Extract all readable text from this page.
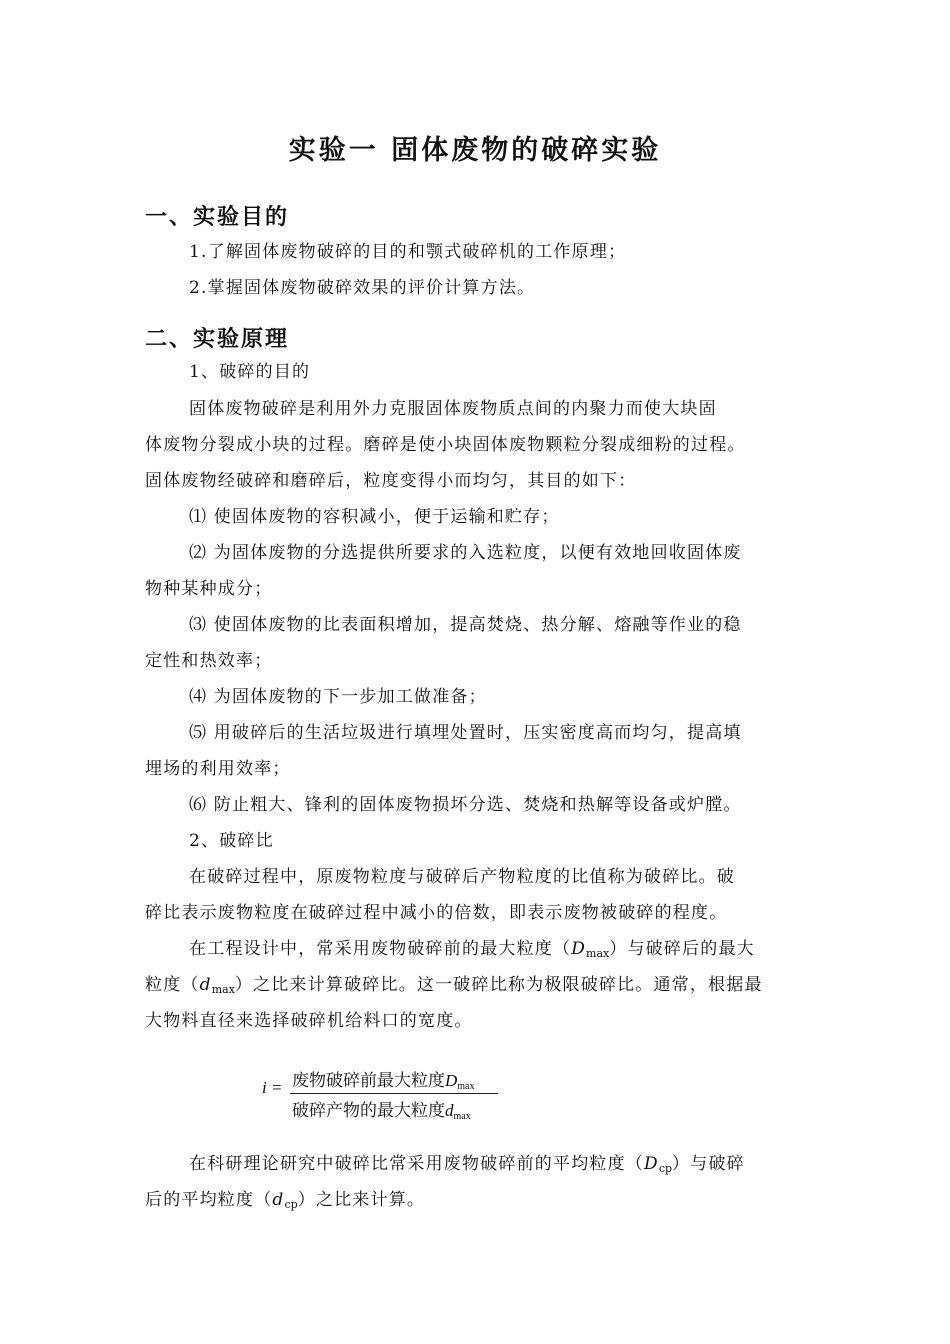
实验一 固体废物的破碎实验
一、实验目的
1.了解固体废物破碎的目的和颚式破碎机的工作原理；
2.掌握固体废物破碎效果的评价计算方法。
二、实验原理
1、破碎的目的
固体废物破碎是利用外力克服固体废物质点间的内聚力而使大块固
体废物分裂成小块的过程。磨碎是使小块固体废物颗粒分裂成细粉的过程。
固体废物经破碎和磨碎后，粒度变得小而均匀，其目的如下：
⑴ 使固体废物的容积减小，便于运输和贮存；
⑵ 为固体废物的分选提供所要求的入选粒度，以便有效地回收固体废
物种某种成分；
⑶ 使固体废物的比表面积增加，提高焚烧、热分解、熔融等作业的稳
定性和热效率；
⑷ 为固体废物的下一步加工做准备；
⑸ 用破碎后的生活垃圾进行填埋处置时，压实密度高而均匀，提高填
埋场的利用效率；
⑹ 防止粗大、锋利的固体废物损坏分选、焚烧和热解等设备或炉膛。
2、破碎比
在破碎过程中，原废物粒度与破碎后产物粒度的比值称为破碎比。破
碎比表示废物粒度在破碎过程中减小的倍数，即表示废物被破碎的程度。
在工程设计中，常采用废物破碎前的最大粒度$(D_{max})$与破碎后的最大
粒度$(d_{max})$之比来计算破碎比。这一破碎比称为极限破碎比。通常，根据最
大物料直径来选择破碎机给料口的宽度。
i = 废物破碎前最大粒度Dmax
破碎产物的最大粒度dmax
在科研理论研究中破碎比常采用废物破碎前的平均粒度$(D_{cp})$与破碎
后的平均粒度$(d_{cp})$之比来计算。
